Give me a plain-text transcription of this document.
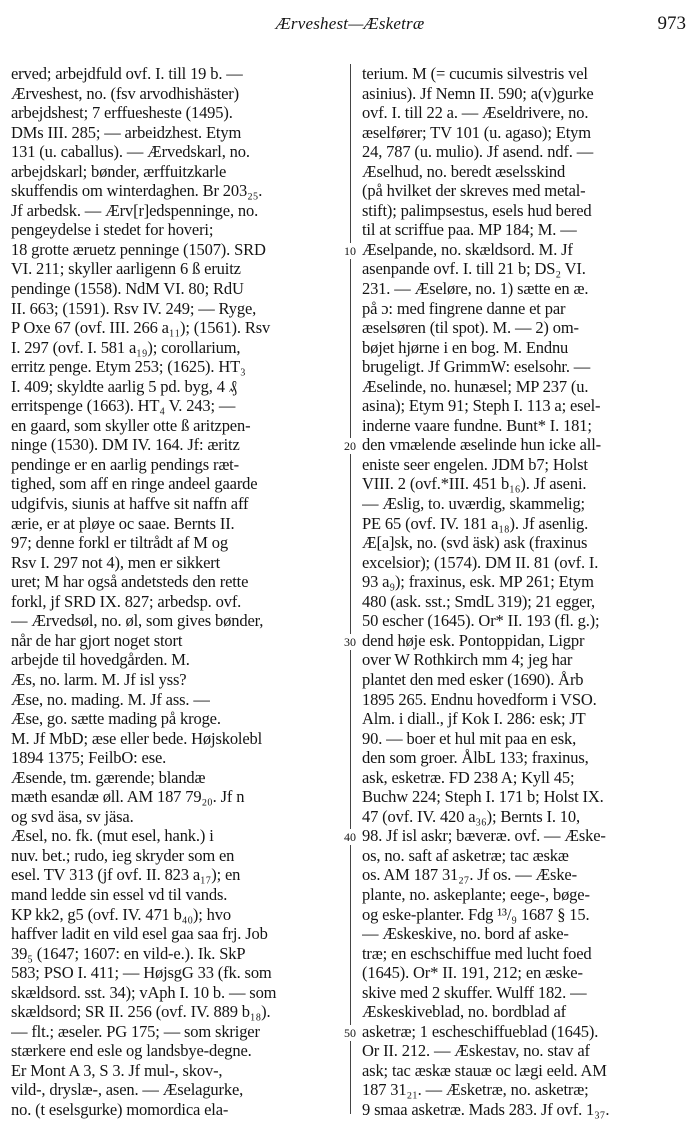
Ærveshest—Æsketræ	973
erved; arbejdfuld ovf. I. till 19 b. —
Ærveshest, no. (fsv arvodhishäster)
arbejdshest; 7 erffuesheste (1495).
DMs III. 285; — arbeidzhest. Etym
131 (u. caballus). — Ærvedskarl, no.
arbejdskarl; bønder, ærffuitzkarle
skuffendis om winterdaghen. Br 203₂₅.
Jf arbedsk. — Ærv[r]edspenninge, no.
pengeydelse i stedet for hoveri;
18 grotte æruetz penninge (1507). SRD
VI. 211; skyller aarligenn 6 ß eruitz
pendinge (1558). NdM VI. 80; RdU
II. 663; (1591). Rsv IV. 249; — Ryge,
P Oxe 67 (ovf. III. 266 a₁₁); (1561). Rsv
I. 297 (ovf. I. 581 a₁₉); corollarium,
erritz penge. Etym 253; (1625). HT₃
I. 409; skyldte aarlig 5 pd. byg, 4 ₰
erritspenge (1663). HT₄ V. 243; —
en gaard, som skyller otte ß aritzpen-
ninge (1530). DM IV. 164. Jf: æritz
pendinge er en aarlig pendings ræt-
tighed, som aff en ringe andeel gaarde
udgifvis, siunis at haffve sit naffn aff
ærie, er at pløye oc saae. Bernts II.
97; denne forkl er tiltrådt af M og
Rsv I. 297 not 4), men er sikkert
uret; M har også andetsteds den rette
forkl, jf SRD IX. 827; arbedsp. ovf.
— Ærvedsøl, no. øl, som gives bønder,
når de har gjort noget stort
arbejde til hovedgården. M.
Æs, no. larm. M. Jf isl yss?
Æse, no. mading. M. Jf ass. —
Æse, go. sætte mading på kroge.
M. Jf MbD; æse eller bede. Højskolebl
1894 1375; FeilbO: ese.
Æsende, tm. gærende; blandæ
mæth esandæ øll. AM 187 79₂₀. Jf n
og svd äsa, sv jäsa.
Æsel, no. fk. (mut esel, hank.) i
nuv. bet.; rudo, ieg skryder som en
esel. TV 313 (jf ovf. II. 823 a₁₇); en
mand ledde sin essel vd til vands.
KP kk2, g5 (ovf. IV. 471 b₄₀); hvo
haffver ladit en vild esel gaa saa frj. Job
39₅ (1647; 1607: en vild-e.). Ik. SkP
583; PSO I. 411; — HøjsgG 33 (fk. som
skældsord. sst. 34); vAph I. 10 b. — som
skældsord; SR II. 256 (ovf. IV. 889 b₁₈).
— flt.; æseler. PG 175; — som skriger
stærkere end esle og landsbye-degne.
Er Mont A 3, S 3. Jf mul-, skov-,
vild-, dryslæ-, asen. — Æselagurke,
no. (t eselsgurke) momordica ela-
terium. M (= cucumis silvestris vel
asinius). Jf Nemn II. 590; a(v)gurke
ovf. I. till 22 a. — Æseldrivere, no.
æselfører; TV 101 (u. agaso); Etym
24, 787 (u. mulio). Jf asend. ndf. —
Æselhud, no. beredt æselsskind
(på hvilket der skreves med metal-
stift); palimpsestus, esels hud bered
til at scriffue paa. MP 184; M. —
Æselpande, no. skældsord. M. Jf
asenpande ovf. I. till 21 b; DS₂ VI.
231. — Æseløre, no. 1) sætte en æ.
på ɔ: med fingrene danne et par
æselsøren (til spot). M. — 2) om-
bøjet hjørne i en bog. M. Endnu
brugeligt. Jf GrimmW: eselsohr. —
Æselinde, no. hunæsel; MP 237 (u.
asina); Etym 91; Steph I. 113 a; esel-
inderne vaare fundne. Bunt* I. 181;
den vmælende æselinde hun icke all-
eniste seer engelen. JDM b7; Holst
VIII. 2 (ovf.*III. 451 b₁₆). Jf aseni.
— Æslig, to. uværdig, skammelig;
PE 65 (ovf. IV. 181 a₁₈). Jf asenlig.
Æ[a]sk, no. (svd äsk) ask (fraxinus
excelsior); (1574). DM II. 81 (ovf. I.
93 a₉); fraxinus, esk. MP 261; Etym
480 (ask. sst.; SmdL 319); 21 egger,
50 escher (1645). Or* II. 193 (fl. g.);
dend høje esk. Pontoppidan, Ligpr
over W Rothkirch mm 4; jeg har
plantet den med esker (1690). Årb
1895 265. Endnu hovedform i VSO.
Alm. i diall., jf Kok I. 286: esk; JT
90. — boer et hul mit paa en esk,
den som groer. ÅlbL 133; fraxinus,
ask, esketræ. FD 238 A; Kyll 45;
Buchw 224; Steph I. 171 b; Holst IX.
47 (ovf. IV. 420 a₃₆); Bernts I. 10,
98. Jf isl askr; bæveræ. ovf. — Æske-
os, no. saft af asketræ; tac æskæ
os. AM 187 31₂₇. Jf os. — Æske-
plante, no. askeplante; eege-, bøge-
og eske-planter. Fdg ¹³/₉ 1687 § 15.
— Æskeskive, no. bord af aske-
træ; en eschschiffue med lucht foed
(1645). Or* II. 191, 212; en æske-
skive med 2 skuffer. Wulff 182. —
Æskeskiveblad, no. bordblad af
asketræ; 1 escheschiffueblad (1645).
Or II. 212. — Æskestav, no. stav af
ask; tac æskæ stauæ oc lægi eeld. AM
187 31₂₁. — Æsketræ, no. asketræ;
9 smaa asketræ. Mads 283. Jf ovf. 1₃₇.
10
20
30
40
50
